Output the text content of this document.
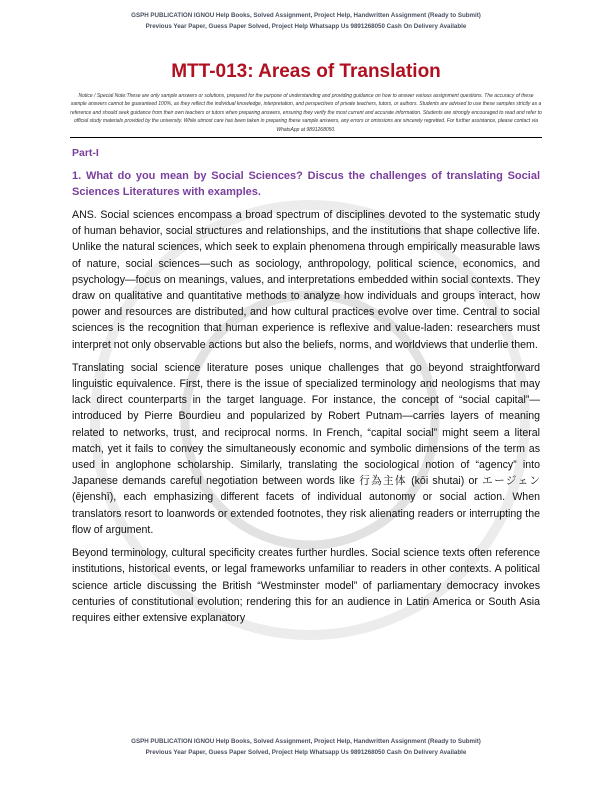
GSPH PUBLICATION IGNOU Help Books, Solved Assignment, Project Help, Handwritten Assignment (Ready to Submit)
Previous Year Paper, Guess Paper Solved, Project Help Whatsapp Us 9891268050 Cash On Delivery Available
MTT-013: Areas of Translation
Notice / Special Note:These are only sample answers or solutions, prepared for the purpose of understanding and providing guidance on how to answer various assignment questions. The accuracy of these sample answers cannot be guaranteed 100%, as they reflect the individual knowledge, interpretation, and perspectives of private teachers, tutors, or authors. Students are advised to use these samples strictly as a reference and should seek guidance from their own teachers or tutors when preparing answers, ensuring they verify the most current and accurate information. Students are strongly encouraged to read and refer to official study materials provided by the university. While utmost care has been taken in preparing these sample answers, any errors or omissions are sincerely regretted. For further assistance, please contact via WhatsApp at 9891268050.
Part-I
1. What do you mean by Social Sciences? Discus the challenges of translating Social Sciences Literatures with examples.

ANS. Social sciences encompass a broad spectrum of disciplines devoted to the systematic study of human behavior, social structures and relationships, and the institutions that shape collective life. Unlike the natural sciences, which seek to explain phenomena through empirically measurable laws of nature, social sciences—such as sociology, anthropology, political science, economics, and psychology—focus on meanings, values, and interpretations embedded within social contexts. They draw on qualitative and quantitative methods to analyze how individuals and groups interact, how power and resources are distributed, and how cultural practices evolve over time. Central to social sciences is the recognition that human experience is reflexive and value-laden: researchers must interpret not only observable actions but also the beliefs, norms, and worldviews that underlie them.

Translating social science literature poses unique challenges that go beyond straightforward linguistic equivalence. First, there is the issue of specialized terminology and neologisms that may lack direct counterparts in the target language. For instance, the concept of “social capital”—introduced by Pierre Bourdieu and popularized by Robert Putnam—carries layers of meaning related to networks, trust, and reciprocal norms. In French, “capital social” might seem a literal match, yet it fails to convey the simultaneously economic and symbolic dimensions of the term as used in anglophone scholarship. Similarly, translating the sociological notion of “agency” into Japanese demands careful negotiation between words like 行為主体 (kōi shutai) or エージェン (ējenshī), each emphasizing different facets of individual autonomy or social action. When translators resort to loanwords or extended footnotes, they risk alienating readers or interrupting the flow of argument.

Beyond terminology, cultural specificity creates further hurdles. Social science texts often reference institutions, historical events, or legal frameworks unfamiliar to readers in other contexts. A political science article discussing the British “Westminster model” of parliamentary democracy invokes centuries of constitutional evolution; rendering this for an audience in Latin America or South Asia requires either extensive explanatory

GSPH PUBLICATION IGNOU Help Books, Solved Assignment, Project Help, Handwritten Assignment (Ready to Submit)
Previous Year Paper, Guess Paper Solved, Project Help Whatsapp Us 9891268050 Cash On Delivery Available
